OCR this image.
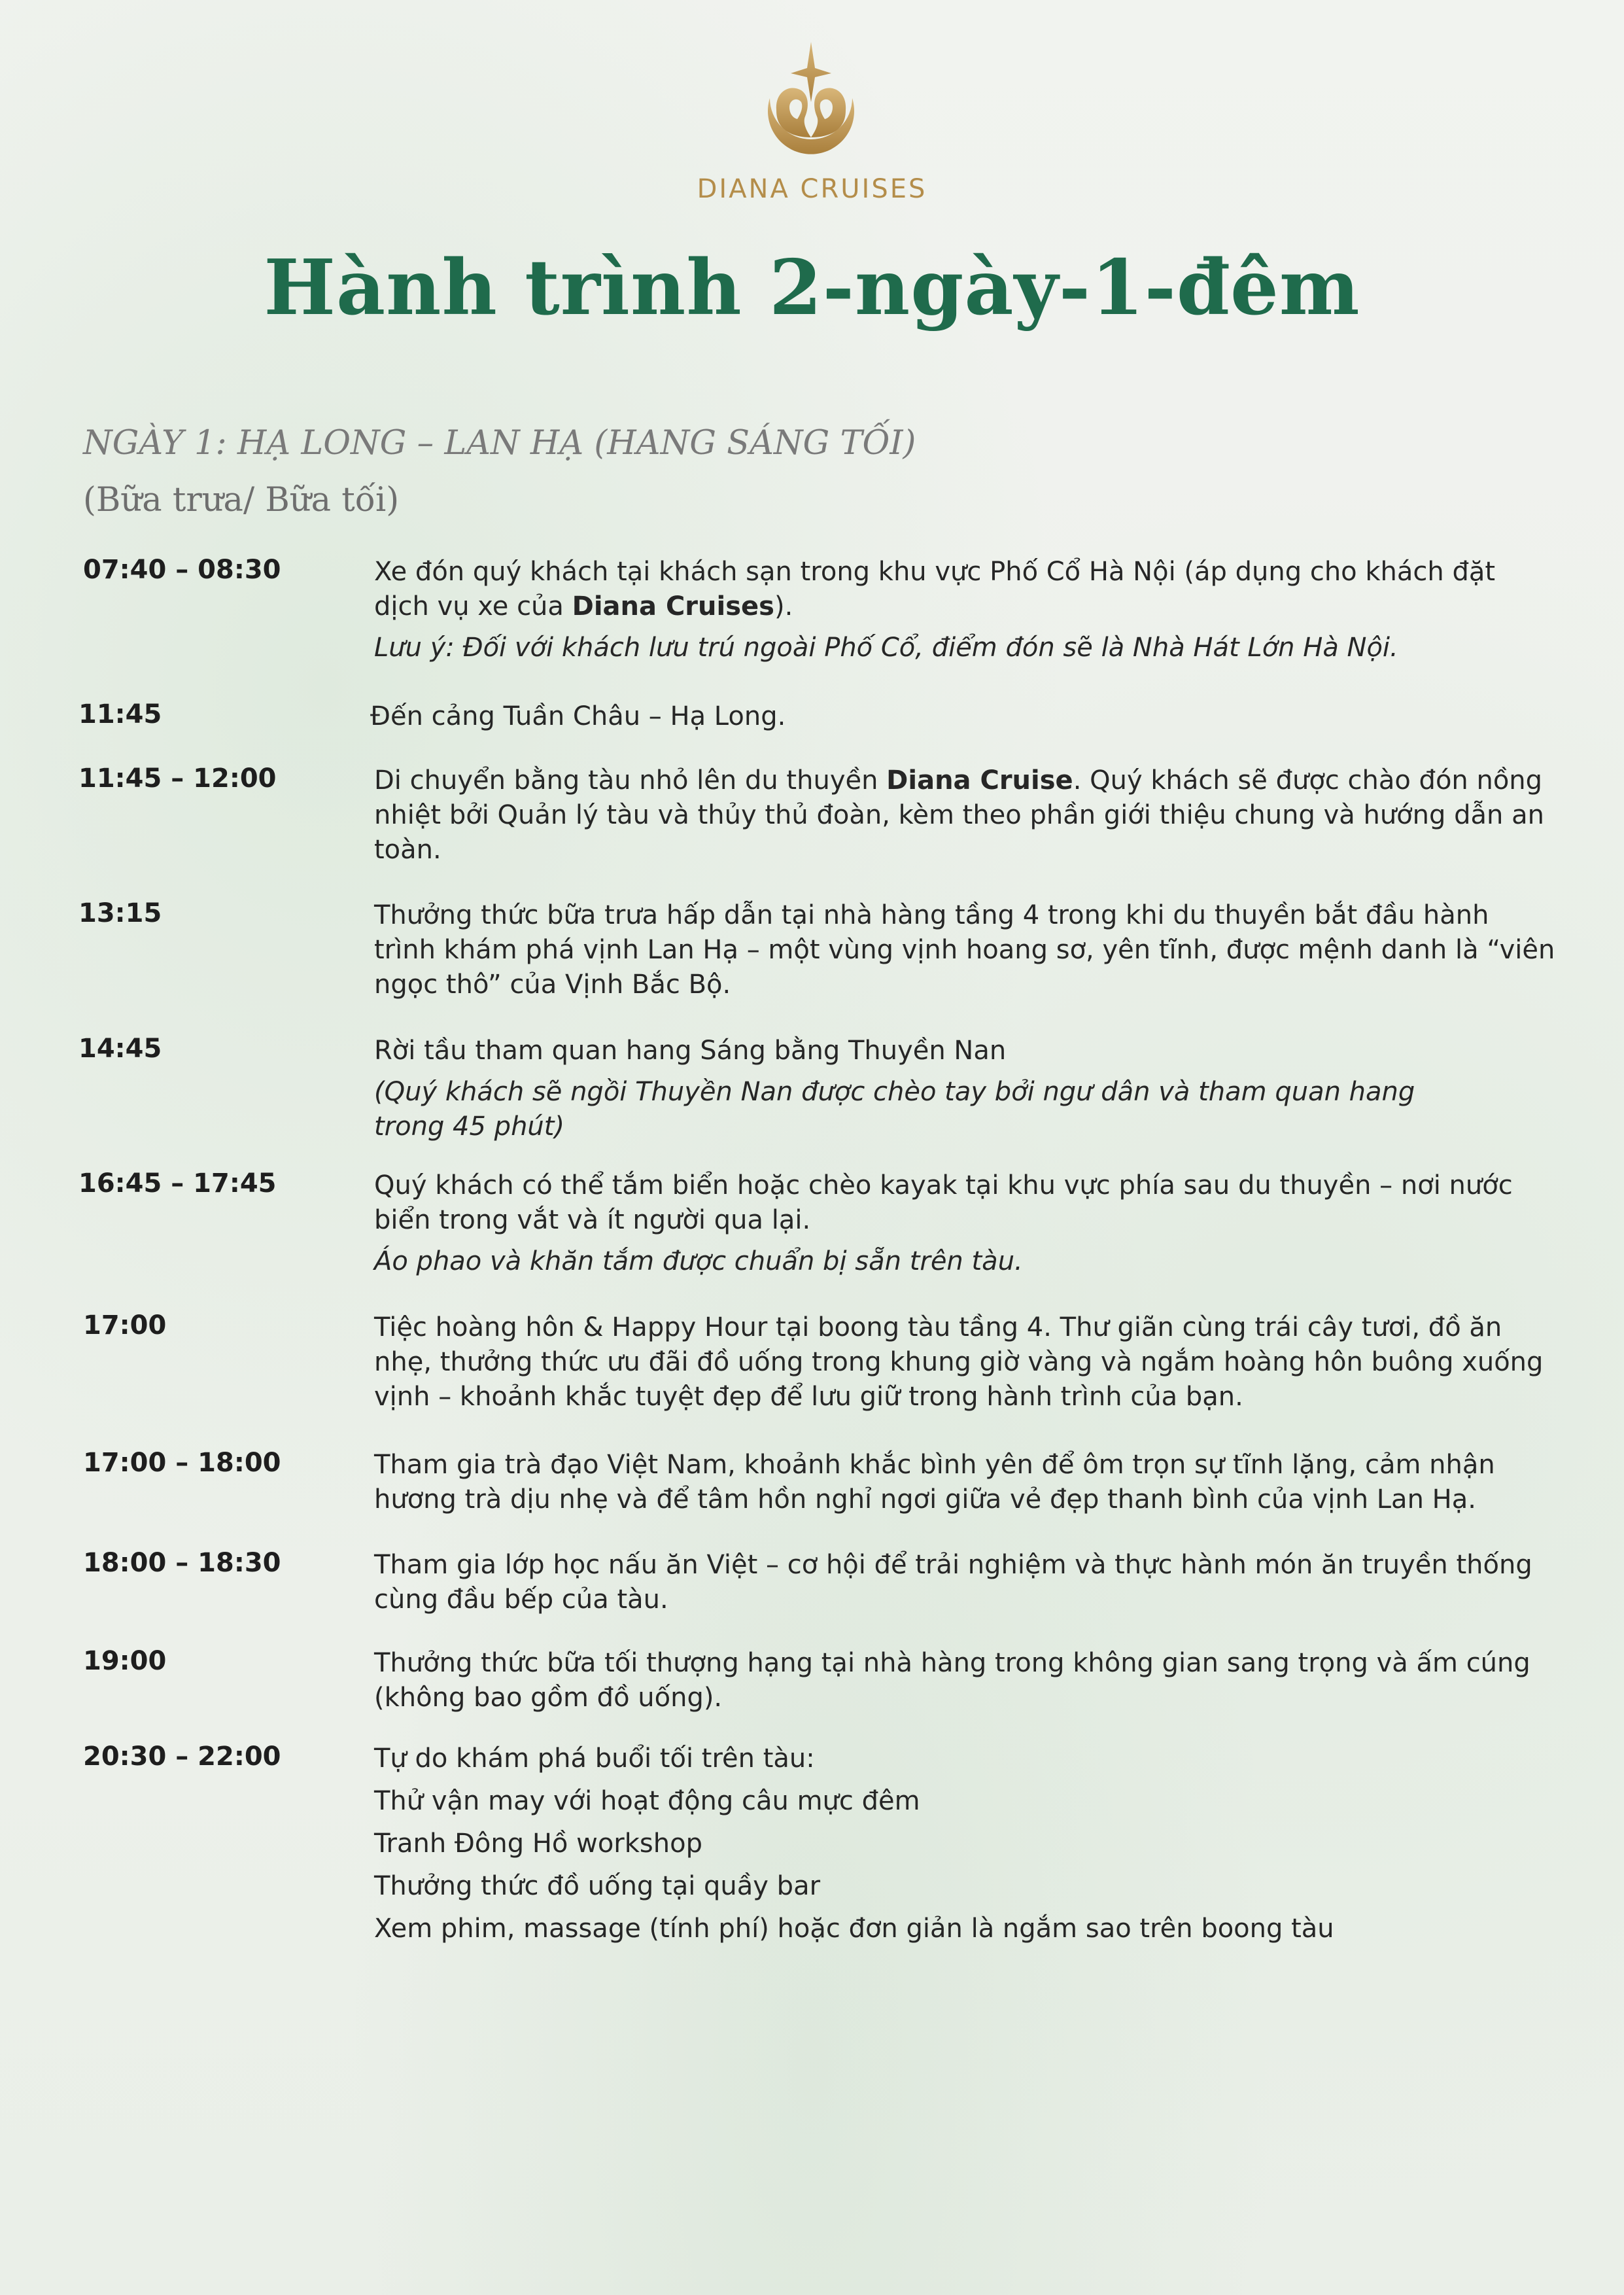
DIANA CRUISES
Hành trình 2-ngày-1-đêm
NGÀY 1: HẠ LONG – LAN HẠ (HANG SÁNG TỐI)
(Bữa trưa/ Bữa tối)
07:40 – 08:30	Xe đón quý khách tại khách sạn trong khu vực Phố Cổ Hà Nội (áp dụng cho khách đặt dịch vụ xe của Diana Cruises).

Lưu ý: Đối với khách lưu trú ngoài Phố Cổ, điểm đón sẽ là Nhà Hát Lớn Hà Nội.

11:45	Đến cảng Tuần Châu – Hạ Long.

11:45 – 12:00	Di chuyển bằng tàu nhỏ lên du thuyền Diana Cruise. Quý khách sẽ được chào đón nồng nhiệt bởi Quản lý tàu và thủy thủ đoàn, kèm theo phần giới thiệu chung và hướng dẫn an toàn.

13:15	Thưởng thức bữa trưa hấp dẫn tại nhà hàng tầng 4 trong khi du thuyền bắt đầu hành trình khám phá vịnh Lan Hạ – một vùng vịnh hoang sơ, yên tĩnh, được mệnh danh là “viên ngọc thô” của Vịnh Bắc Bộ.

14:45	Rời tầu tham quan hang Sáng bằng Thuyền Nan

(Quý khách sẽ ngồi Thuyền Nan được chèo tay bởi ngư dân và tham quan hang trong 45 phút)

16:45 – 17:45	Quý khách có thể tắm biển hoặc chèo kayak tại khu vực phía sau du thuyền – nơi nước biển trong vắt và ít người qua lại.

Áo phao và khăn tắm được chuẩn bị sẵn trên tàu.

17:00	Tiệc hoàng hôn & Happy Hour tại boong tàu tầng 4. Thư giãn cùng trái cây tươi, đồ ăn nhẹ, thưởng thức ưu đãi đồ uống trong khung giờ vàng và ngắm hoàng hôn buông xuống vịnh – khoảnh khắc tuyệt đẹp để lưu giữ trong hành trình của bạn.

17:00 – 18:00	Tham gia trà đạo Việt Nam, khoảnh khắc bình yên để ôm trọn sự tĩnh lặng, cảm nhận hương trà dịu nhẹ và để tâm hồn nghỉ ngơi giữa vẻ đẹp thanh bình của vịnh Lan Hạ.

18:00 – 18:30	Tham gia lớp học nấu ăn Việt – cơ hội để trải nghiệm và thực hành món ăn truyền thống cùng đầu bếp của tàu.

19:00	Thưởng thức bữa tối thượng hạng tại nhà hàng trong không gian sang trọng và ấm cúng (không bao gồm đồ uống).

20:30 – 22:00	Tự do khám phá buổi tối trên tàu:

Thử vận may với hoạt động câu mực đêm

Tranh Đông Hồ workshop

Thưởng thức đồ uống tại quầy bar

Xem phim, massage (tính phí) hoặc đơn giản là ngắm sao trên boong tàu
